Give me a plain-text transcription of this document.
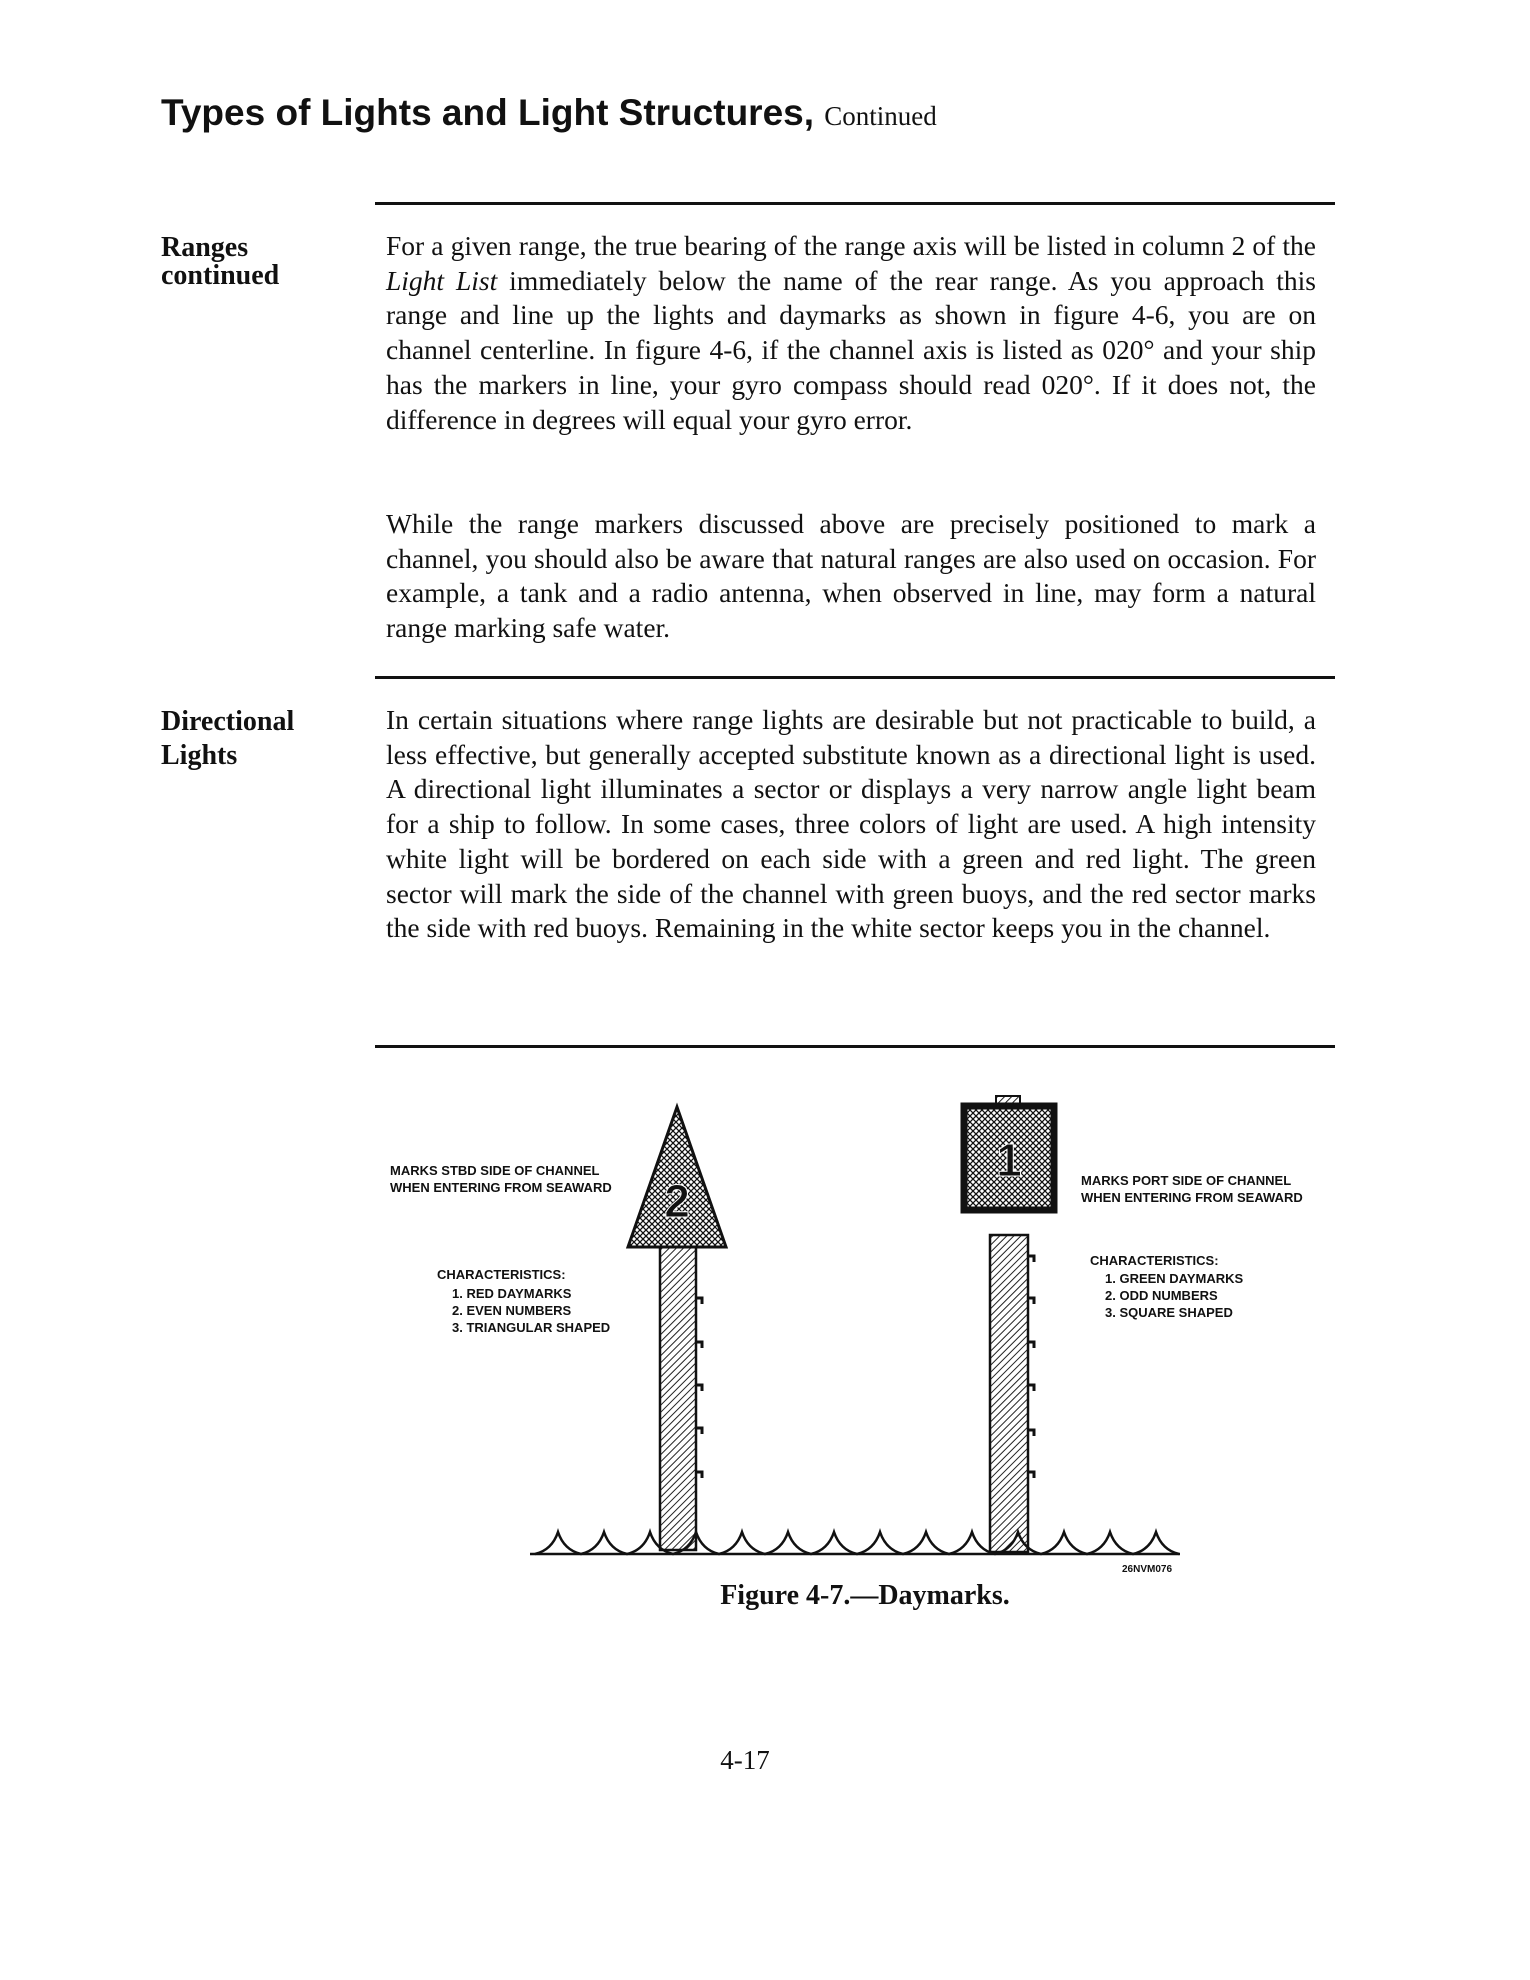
Types of Lights and Light Structures, Continued
Ranges
continued
For a given range, the true bearing of the range axis will be listed in column 2 of the Light List immediately below the name of the rear range. As you approach this range and line up the lights and daymarks as shown in figure 4-6, you are on channel centerline. In figure 4-6, if the channel axis is listed as 020° and your ship has the markers in line, your gyro compass should read 020°. If it does not, the difference in degrees will equal your gyro error.
While the range markers discussed above are precisely positioned to mark a channel, you should also be aware that natural ranges are also used on occasion. For example, a tank and a radio antenna, when observed in line, may form a natural range marking safe water.
Directional
Lights
In certain situations where range lights are desirable but not practicable to build, a less effective, but generally accepted substitute known as a directional light is used. A directional light illuminates a sector or displays a very narrow angle light beam for a ship to follow. In some cases, three colors of light are used. A high intensity white light will be bordered on each side with a green and red light. The green sector will mark the side of the channel with green buoys, and the red sector marks the side with red buoys. Remaining in the white sector keeps you in the channel.
2
1
MARKS STBD SIDE OF CHANNEL
WHEN ENTERING FROM SEAWARD
CHARACTERISTICS:
1. RED DAYMARKS
2. EVEN NUMBERS
3. TRIANGULAR SHAPED
MARKS PORT SIDE OF CHANNEL
WHEN ENTERING FROM SEAWARD
CHARACTERISTICS:
1. GREEN DAYMARKS
2. ODD NUMBERS
3. SQUARE SHAPED
26NVM076
Figure 4-7.—Daymarks.
4-17
